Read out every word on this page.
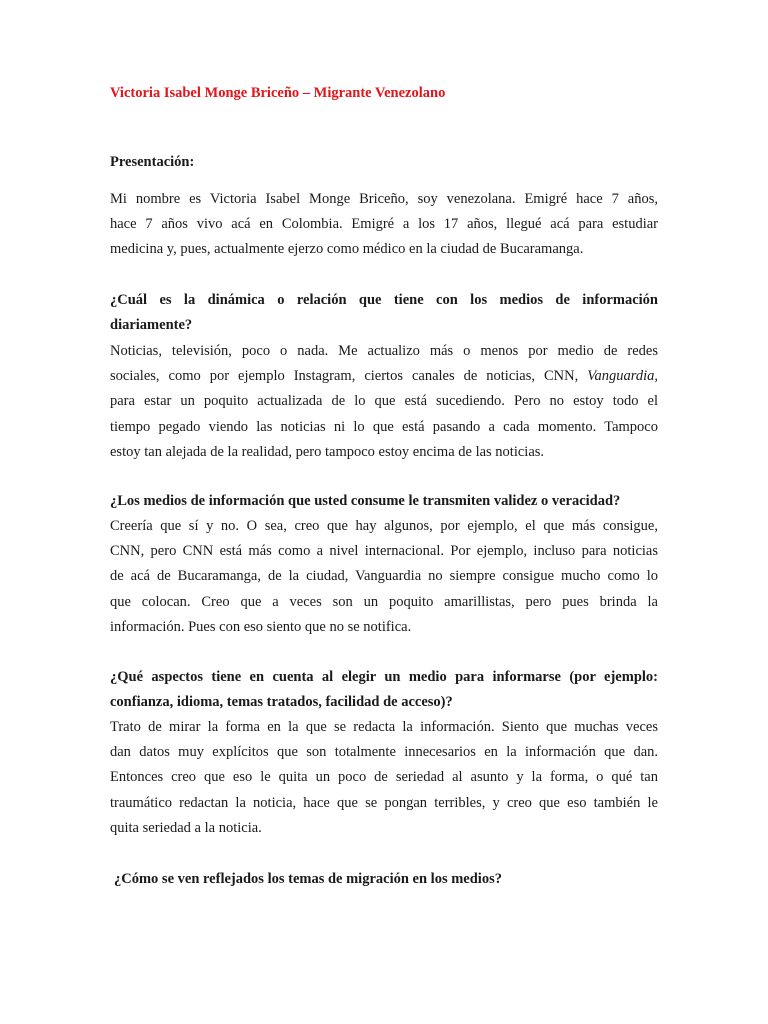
Victoria Isabel Monge Briceño – Migrante Venezolano
Presentación:
Mi nombre es Victoria Isabel Monge Briceño, soy venezolana. Emigré hace 7 años,
hace 7 años vivo acá en Colombia. Emigré a los 17 años, llegué acá para estudiar
medicina y, pues, actualmente ejerzo como médico en la ciudad de Bucaramanga.
¿Cuál es la dinámica o relación que tiene con los medios de información
diariamente?
Noticias, televisión, poco o nada. Me actualizo más o menos por medio de redes
sociales, como por ejemplo Instagram, ciertos canales de noticias, CNN, Vanguardia,
para estar un poquito actualizada de lo que está sucediendo. Pero no estoy todo el
tiempo pegado viendo las noticias ni lo que está pasando a cada momento. Tampoco
estoy tan alejada de la realidad, pero tampoco estoy encima de las noticias.
¿Los medios de información que usted consume le transmiten validez o veracidad?
Creería que sí y no. O sea, creo que hay algunos, por ejemplo, el que más consigue,
CNN, pero CNN está más como a nivel internacional. Por ejemplo, incluso para noticias
de acá de Bucaramanga, de la ciudad, Vanguardia no siempre consigue mucho como lo
que colocan. Creo que a veces son un poquito amarillistas, pero pues brinda la
información. Pues con eso siento que no se notifica.
¿Qué aspectos tiene en cuenta al elegir un medio para informarse (por ejemplo:
confianza, idioma, temas tratados, facilidad de acceso)?
Trato de mirar la forma en la que se redacta la información. Siento que muchas veces
dan datos muy explícitos que son totalmente innecesarios en la información que dan.
Entonces creo que eso le quita un poco de seriedad al asunto y la forma, o qué tan
traumático redactan la noticia, hace que se pongan terribles, y creo que eso también le
quita seriedad a la noticia.
¿Cómo se ven reflejados los temas de migración en los medios?
